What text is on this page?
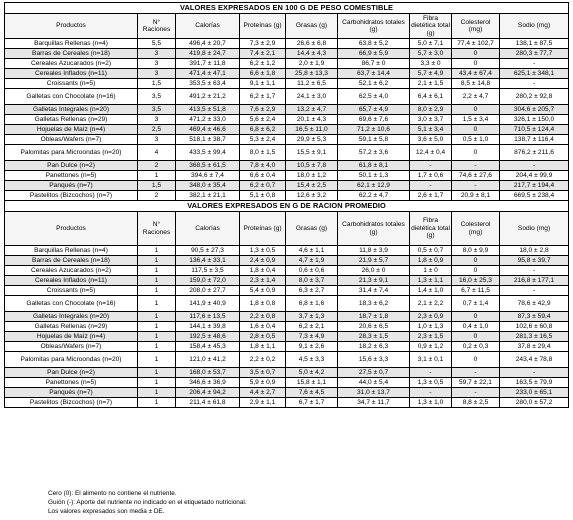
VALORES EXPRESADOS EN 100 G DE PESO COMESTIBLE								
Productos	N° Raciones	Calorías	Proteínas (g)	Grasas (g)	Carbohidratos totales (g)	Fibra dietética total (g)	Colesterol (mg)	Sodio (mg)
Barquillas Rellenas (n=4)	5,5	496,4 ± 20,7	7,3 ± 2,9	26,6 ± 6,8	63,8 ± 5,2	5,0 ± 7,1	77,4 ± 102,7	138,1 ± 87,5
Barras de Cereales (n=18)	3	419,8 ± 24,7	7,4 ± 2,1	14,4 ± 4,3	66,9 ± 5,9	5,7 ± 3,0	0	280,3 ± 77,7
Cereales Azucarados (n=2)	3	391,7 ± 11,8	6,2 ± 1,2	2,0 ± 1,9	86,7 ± 0	3,3 ± 0	0	-
Cereales Inflados (n=11)	3	471,4 ± 47,1	6,6 ± 1,8	25,8 ± 13,3	63,7 ± 14,4	5,7 ± 4,9	43,4 ± 67,4	625,1 ± 348,1
Croissants (n=5)	1,5	353,5 ± 63,4	9,1 ± 1,1	11,2 ± 6,5	52,1 ± 6,2	2,1 ± 1,5	8,5 ± 14,8	-
Galletas con Chocolate (n=16)	3,5	491,2 ± 21,2	6,2 ± 1,7	24,1 ± 3,0	62,5 ± 4,0	6,4 ± 6,1	2,2 ± 4,7	280,2 ± 92,8
Galletas Integrales (n=20)	3,5	413,5 ± 51,8	7,6 ± 2,9	13,2 ± 4,7	65,7 ± 4,9	8,0 ± 2,9	0	304,6 ± 205,7
Galletas Rellenas (n=29)	3	471,2 ± 33,0	5,6 ± 2,4	20,1 ± 4,3	69,6 ± 7,6	3,0 ± 3,7	1,5 ± 3,4	326,1 ± 150,0
Hojuelas de Maíz (n=4)	2,5	469,4 ± 46,6	6,8 ± 6,2	16,5 ± 11,0	71,2 ± 10,6	5,1 ± 3,4	0	710,5 ± 124,4
Obleas/Wafers (n=7)	3	518,1 ± 38,7	5,3 ± 2,4	29,9 ± 5,3	59,1 ± 5,8	3,6 ± 5,0	0,5 ± 1,0	138,7 ± 116,4
Palomitas para Microondas (n=20)	4	433,5 ± 99,4	8,0 ± 1,5	15,5 ± 9,1	57,2 ± 3,6	12,4 ± 0,4	0	876,2 ± 211,6
Pan Dulce (n=2)	2	368,5 ± 61,5	7,8 ± 4,0	10,5 ± 7,8	61,8 ± 8,1	-	-	-
Panettones (n=5)	1	394,6 ± 7,4	6,6 ± 0,4	18,0 ± 1,2	50,1 ± 1,3	1,7 ± 0,6	74,6 ± 27,6	204,4 ± 99,9
Panqués (n=7)	1,5	348,0 ± 35,4	6,2 ± 0,7	15,4 ± 2,5	62,1 ± 12,9	-	-	217,7 ± 194,4
Pastelitos (Bizcochos) (n=7)	2	382,1 ± 21,1	5,1 ± 0,8	12,6 ± 3,2	62,2 ± 4,7	2,6 ± 1,7	20,9 ± 8,1	669,5 ± 238,4
VALORES EXPRESADOS EN G DE RACION PROMEDIO								
Productos	N° Raciones	Calorías	Proteínas (g)	Grasas (g)	Carbohidratos totales (g)	Fibra dietética total (g)	Colesterol (mg)	Sodio (mg)
Barquillas Rellenas (n=4)	1	90,5 ± 27,3	1,3 ± 0,5	4,6 ± 1,1	11,8 ± 3,9	0,5 ± 0,7	8,0 ± 9,9	18,0 ± 2,8
Barras de Cereales (n=18)	1	136,4 ± 33,1	2,4 ± 0,9	4,7 ± 1,9	21,9 ± 5,7	1,8 ± 0,9	0	95,8 ± 39,7
Cereales Azucarados (n=2)	1	117,5 ± 3,5	1,8 ± 0,4	0,6 ± 0,6	26,0 ± 0	1 ± 0	0	-
Cereales Inflados (n=11)	1	159,0 ± 72,0	2,3 ± 1,4	8,0 ± 3,7	21,3 ± 9,1	1,3 ± 1,1	16,0 ± 25,3	216,8 ± 177,1
Croissants (n=5)	1	208,0 ± 27,7	5,4 ± 0,9	6,3 ± 2,7	31,4 ± 7,4	1,4 ± 1,0	6,7 ± 11,5	-
Galletas con Chocolate (n=16)	1	141,9 ± 40,9	1,8 ± 0,8	6,8 ± 1,6	18,3 ± 6,2	2,1 ± 2,2	0,7 ± 1,4	78,6 ± 42,9
Galletas Integrales (n=20)	1	117,6 ± 13,5	2,2 ± 0,8	3,7 ± 1,3	18,7 ± 1,8	2,3 ± 0,9	0	87,3 ± 59,4
Galletas Rellenas (n=29)	1	144,1 ± 39,8	1,6 ± 0,4	6,2 ± 2,1	20,6 ± 6,5	1,0 ± 1,3	0,4 ± 1,0	102,6 ± 60,8
Hojuelas de Maíz (n=4)	1	192,5 ± 48,6	2,8 ± 0,5	7,3 ± 4,9	28,3 ± 1,5	2,3 ± 1,5	0	281,3 ± 16,5
Obleas/Wafers (n=7)	1	158,4 ± 45,3	1,8 ± 1,1	9,1 ± 2,6	18,2 ± 6,3	0,9 ± 1,2	0,2 ± 0,3	37,8 ± 29,4
Palomitas para Microondas (n=20)	1	121,0 ± 41,2	2,2 ± 0,2	4,5 ± 3,3	15,6 ± 3,3	3,1 ± 0,1	0	243,4 ± 78,8
Pan Dulce (n=2)	1	168,0 ± 53,7	3,5 ± 0,7	5,0 ± 4,2	27,5 ± 0,7	-	-	-
Panettones (n=5)	1	346,6 ± 36,9	5,9 ± 0,9	15,8 ± 1,1	44,0 ± 5,4	1,3 ± 0,5	59,7 ± 22,1	163,5 ± 79,9
Panqués (n=7)	1	206,4 ± 94,2	4,4 ± 2,7	7,6 ± 4,5	31,0 ± 13,7	-	-	233,0 ± 65,1
Pastelitos (Bizcochos) (n=7)	1	211,4 ± 61,8	2,9 ± 1,1	6,7 ± 1,7	34,7 ± 11,7	1,3 ± 1,0	8,8 ± 2,5	280,0 ± 57,2
Cero (0): El alimento no contiene el nutriente.
Guión (-): Aporte del nutriente no indicado en el etiquetado nutricional.
Los valores expresados son media ± DE.
